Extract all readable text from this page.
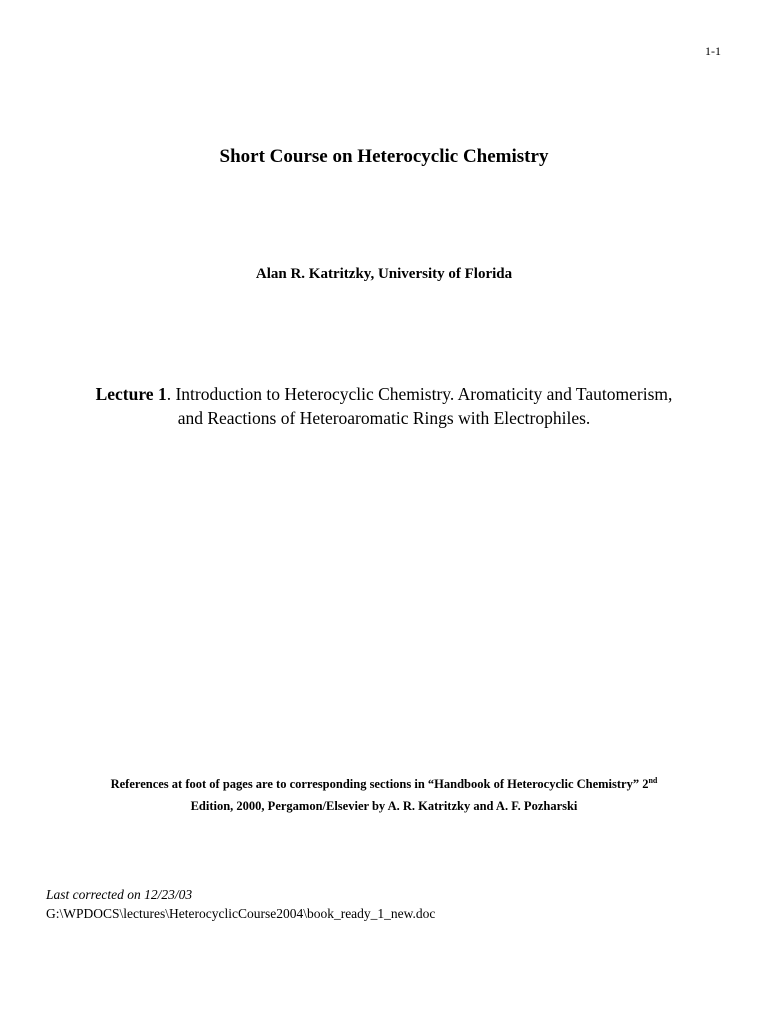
1-1
Short Course on Heterocyclic Chemistry
Alan R. Katritzky, University of Florida
Lecture 1. Introduction to Heterocyclic Chemistry. Aromaticity and Tautomerism,
and Reactions of Heteroaromatic Rings with Electrophiles.
References at foot of pages are to corresponding sections in “Handbook of Heterocyclic Chemistry” 2nd
Edition, 2000, Pergamon/Elsevier by A. R. Katritzky and A. F. Pozharski
Last corrected on 12/23/03
G:\WPDOCS\lectures\HeterocyclicCourse2004\book_ready_1_new.doc
